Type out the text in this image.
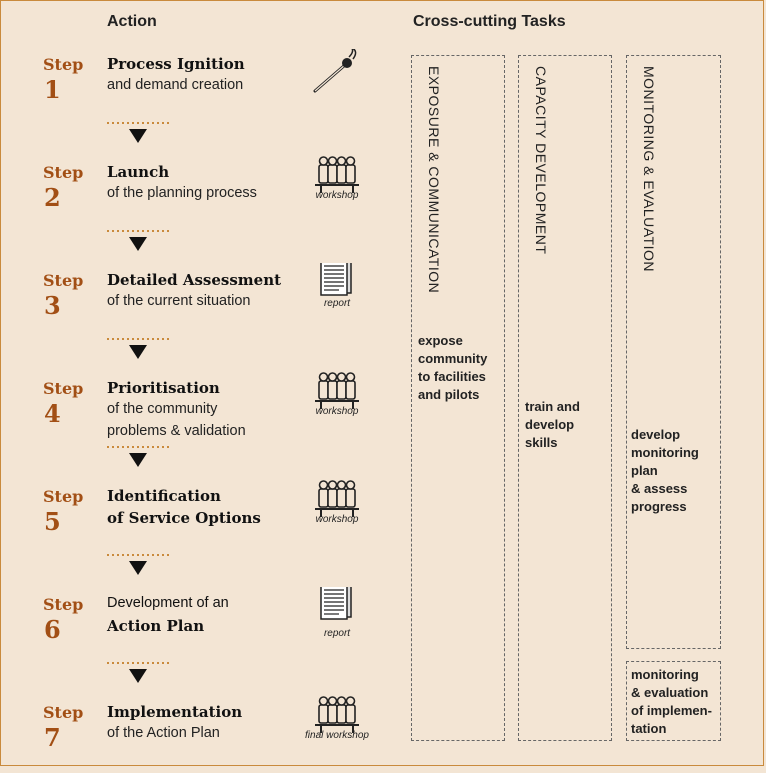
Action	Cross-cutting Tasks
Step
1
Process Ignition
and demand creation
Step
2
Launch
of the planning process	workshop
Step
3
Detailed Assessment
of the current situation	report
Step
4
Prioritisation
of the community
problems & validation
workshop
Step
5
Identification
of Service Options	workshop
Step
6
Development of an
Action Plan	report
Step
7
Implementation
of the Action Plan	final workshop
EXPOSURE & COMMUNICATION
expose
community
to facilities
and pilots
CAPACITY DEVELOPMENT
train and
develop
skills
MONITORING & EVALUATION
develop
monitoring
plan
& assess
progress
monitoring
& evaluation
of implemen-
tation
